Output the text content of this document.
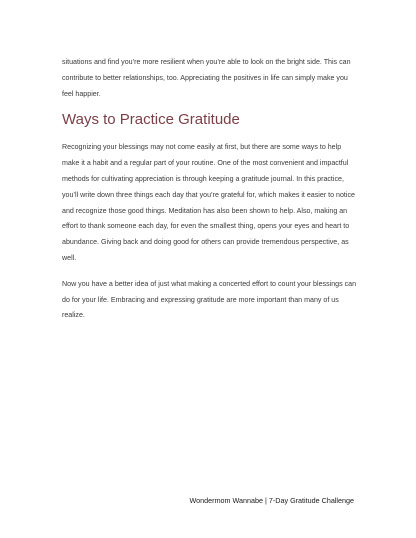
situations and find you’re more resilient when you’re able to look on the bright side. This can contribute to better relationships, too. Appreciating the positives in life can simply make you feel happier.

Ways to Practice Gratitude

Recognizing your blessings may not come easily at first, but there are some ways to help make it a habit and a regular part of your routine. One of the most convenient and impactful methods for cultivating appreciation is through keeping a gratitude journal. In this practice, you’ll write down three things each day that you’re grateful for, which makes it easier to notice and recognize those good things. Meditation has also been shown to help. Also, making an effort to thank someone each day, for even the smallest thing, opens your eyes and heart to abundance. Giving back and doing good for others can provide tremendous perspective, as well.

Now you have a better idea of just what making a concerted effort to count your blessings can do for your life. Embracing and expressing gratitude are more important than many of us realize.

Wondermom Wannabe | 7-Day Gratitude Challenge
